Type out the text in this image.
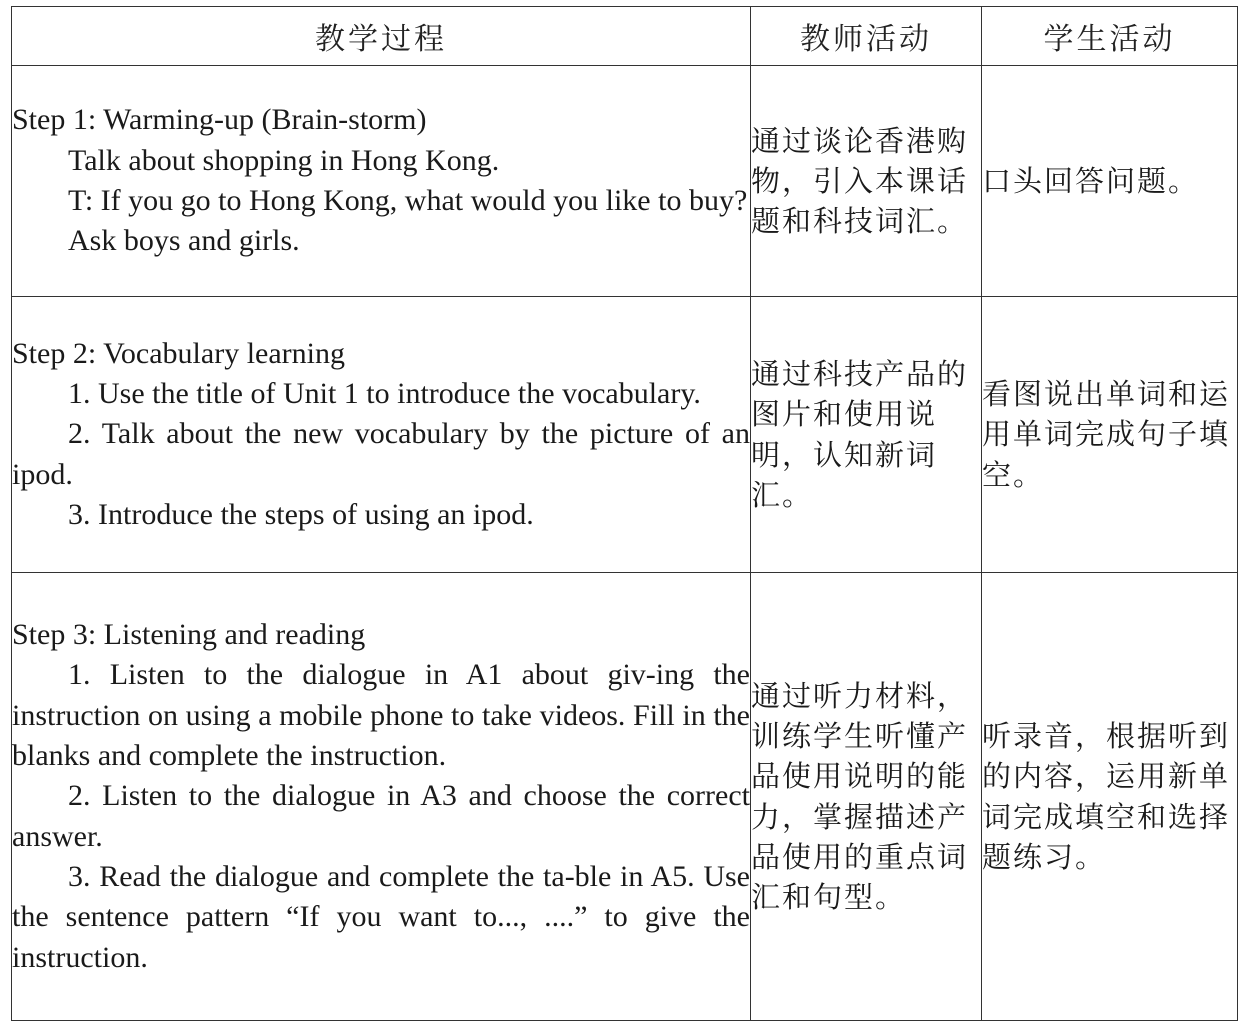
教学过程	教师活动	学生活动

Step 1: Warming-up (Brain-storm)
Talk about shopping in Hong Kong.
T: If you go to Hong Kong, what would you like to buy?
Ask boys and girls.	通过谈论香港购物，引入本课话题和科技词汇。	口头回答问题。

Step 2: Vocabulary learning
1. Use the title of Unit 1 to introduce the vocabulary.
2. Talk about the new vocabulary by the picture of an ipod.
3. Introduce the steps of using an ipod.	通过科技产品的图片和使用说明，认知新词汇。	看图说出单词和运用单词完成句子填空。

Step 3: Listening and reading
1. Listen to the dialogue in A1 about giv-ing the instruction on using a mobile phone to take videos. Fill in the blanks and complete the instruction.
2. Listen to the dialogue in A3 and choose the correct answer.
3. Read the dialogue and complete the ta-ble in A5. Use the sentence pattern “If you want to..., ....” to give the instruction.	通过听力材料，训练学生听懂产品使用说明的能力，掌握描述产品使用的重点词汇和句型。	听录音，根据听到的内容，运用新单词完成填空和选择题练习。
